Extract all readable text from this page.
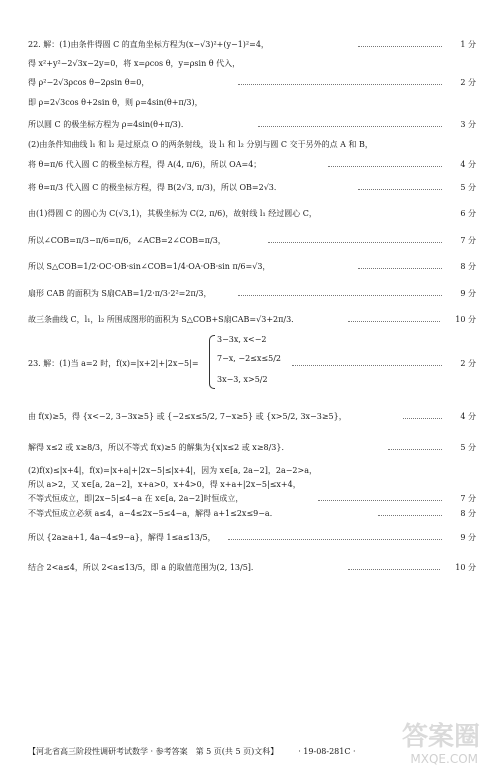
22. 解：(1)由条件得圆 C 的直角坐标方程为(x−√3)²+(y−1)²=4，	1 分
得 x²+y²−2√3x−2y=0，将 x=ρcos θ，y=ρsin θ 代入，
得 ρ²−2√3ρcos θ−2ρsin θ=0，	2 分
即 ρ=2√3cos θ+2sin θ，则 ρ=4sin(θ+π/3)，
所以圆 C 的极坐标方程为 ρ=4sin(θ+π/3)．	3 分
(2)由条件知曲线 l₁ 和 l₂ 是过原点 O 的两条射线，设 l₁ 和 l₂ 分别与圆 C 交于另外的点 A 和 B，
将 θ=π/6 代入圆 C 的极坐标方程，得 A(4, π/6)，所以 OA=4；	4 分
将 θ=π/3 代入圆 C 的极坐标方程，得 B(2√3, π/3)，所以 OB=2√3．	5 分
由(1)得圆 C 的圆心为 C(√3,1)，其极坐标为 C(2, π/6)，故射线 l₁ 经过圆心 C，	6 分
所以∠COB=π/3−π/6=π/6，∠ACB=2∠COB=π/3，	7 分
所以 S△COB=1/2·OC·OB·sin∠COB=1/4·OA·OB·sin π/6=√3，	8 分
扇形 CAB 的面积为 S扇CAB=1/2·π/3·2²=2π/3，	9 分
故三条曲线 C，l₁，l₂ 所围成图形的面积为 S△COB+S扇CAB=√3+2π/3．	10 分
23. 解：(1)当 a=2 时，f(x)=|x+2|+|2x−5|=	2 分
3−3x, x<−2
7−x, −2≤x≤5/2
3x−3, x>5/2
由 f(x)≥5，得 {x<−2, 3−3x≥5} 或 {−2≤x≤5/2, 7−x≥5} 或 {x>5/2, 3x−3≥5}，	4 分
解得 x≤2 或 x≥8/3，所以不等式 f(x)≥5 的解集为{x|x≤2 或 x≥8/3}．	5 分
(2)f(x)≤|x+4|，f(x)=|x+a|+|2x−5|≤|x+4|，因为 x∈[a, 2a−2]，2a−2>a，
所以 a>2，又 x∈[a, 2a−2]，x+a>0，x+4>0，得 x+a+|2x−5|≤x+4，
不等式恒成立，即|2x−5|≤4−a 在 x∈[a, 2a−2]时恒成立，	7 分
不等式恒成立必须 a≤4，a−4≤2x−5≤4−a，解得 a+1≤2x≤9−a．	8 分
所以 {2a≥a+1, 4a−4≤9−a}，解得 1≤a≤13/5，	9 分
结合 2<a≤4，所以 2<a≤13/5，即 a 的取值范围为(2, 13/5]．	10 分
【河北省高三阶段性调研考试数学 · 参考答案　第 5 页(共 5 页)文科】　　　· 19-08-281C ·	答案圈
MXQE.COM
